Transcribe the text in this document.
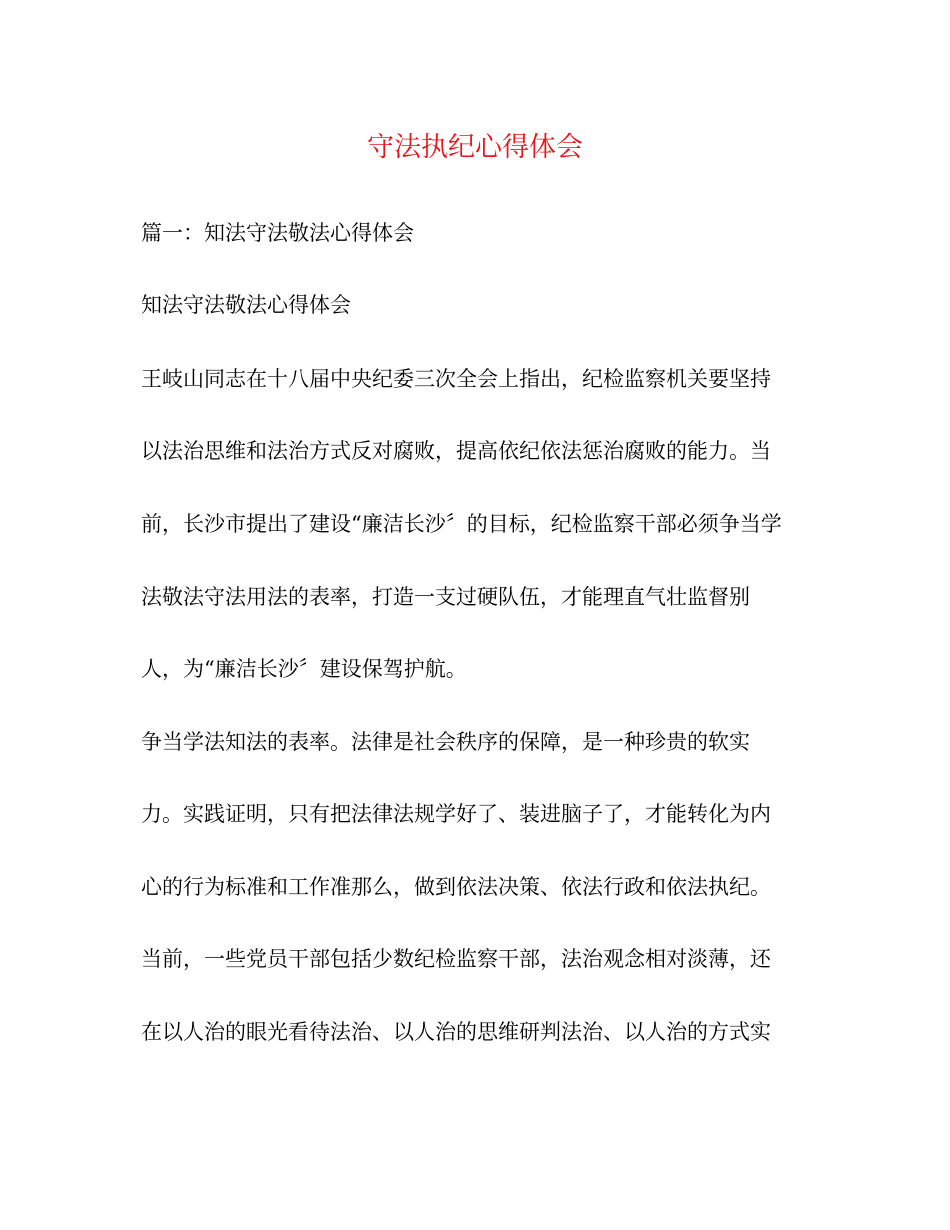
守法执纪心得体会
篇一：知法守法敬法心得体会
知法守法敬法心得体会
王岐山同志在十八届中央纪委三次全会上指出，纪检监察机关要坚持
以法治思维和法治方式反对腐败，提高依纪依法惩治腐败的能力。当
前，长沙市提出了建设“廉洁长沙〞的目标，纪检监察干部必须争当学
法敬法守法用法的表率，打造一支过硬队伍，才能理直气壮监督别
人，为“廉洁长沙〞建设保驾护航。
争当学法知法的表率。法律是社会秩序的保障，是一种珍贵的软实
力。实践证明，只有把法律法规学好了、装进脑子了，才能转化为内
心的行为标准和工作准那么，做到依法决策、依法行政和依法执纪。
当前，一些党员干部包括少数纪检监察干部，法治观念相对淡薄，还
在以人治的眼光看待法治、以人治的思维研判法治、以人治的方式实
